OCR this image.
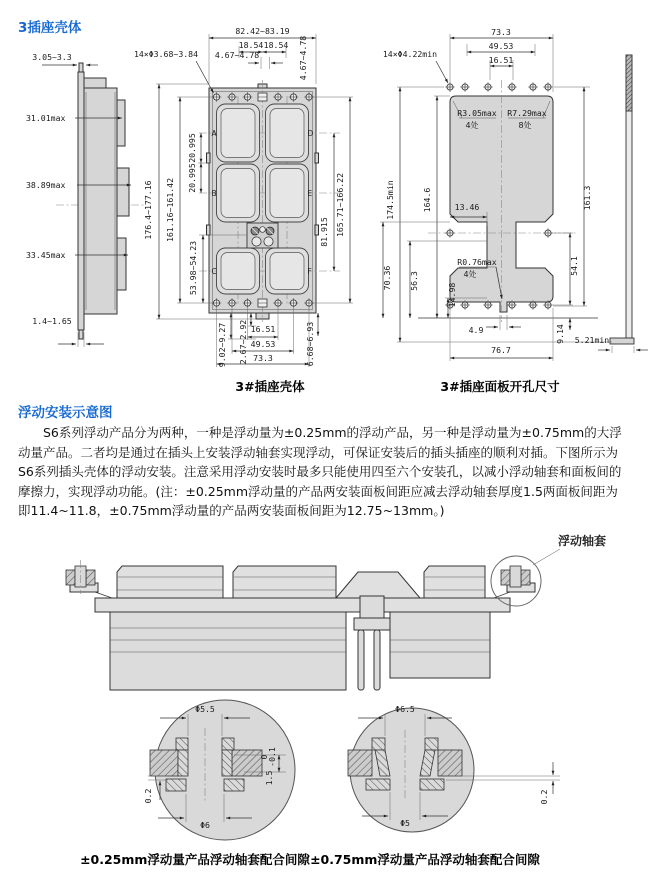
3插座壳体
3.05~3.3
31.01max
38.89max
33.45max
1.4~1.65
A
B
C
D
E
F
82.42~83.19
4.67~4.78
18.54 18.54 4.67~4.78
14×Φ3.68~3.84
176.4~177.16 161.16~161.42
20.995
20.995
53.98~54.23
9.02~9.27 2.67~2.92 16.51
49.53
73.3	6.68~6.93
81.915 165.71~166.22
73.3
49.53
16.51
14×Φ4.22min
R3.05max
4处
R7.29max
8处
13.46
R0.76max
4处
174.5min	164.6
70.36 56.3
14.98
54.1
161.3
4.9
76.7
9.14 5.21min
3#插座壳体	3#插座面板开孔尺寸
浮动安装示意图
S6系列浮动产品分为两种，一种是浮动量为±0.25mm的浮动产品，另一种是浮动量为±0.75mm的大浮
动量产品。二者均是通过在插头上安装浮动轴套实现浮动，可保证安装后的插头插座的顺利对插。下图所示为
S6系列插头壳体的浮动安装。注意采用浮动安装时最多只能使用四至六个安装孔，以减小浮动轴套和面板间的
摩擦力，实现浮动功能。(注：±0.25mm浮动量的产品两安装面板间距应减去浮动轴套厚度1.5两面板间距为
即11.4~11.8，±0.75mm浮动量的产品两安装面板间距为12.75~13mm。)
浮动轴套
Φ5.5
Φ6
0.2
1.5
0
-0.1
Φ6.5
Φ5
0.2
±0.25mm浮动量产品浮动轴套配合间隙 ±0.75mm浮动量产品浮动轴套配合间隙
